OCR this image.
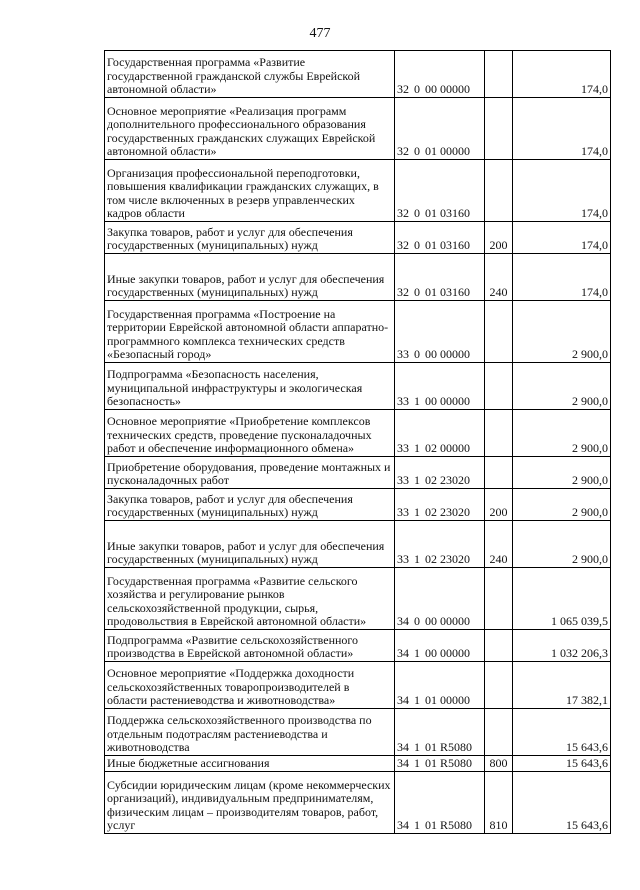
477
Государственная программа «Развитие государственной гражданской службы Еврейской автономной области»	32 0 00 00000		174,0
Основное мероприятие «Реализация программ дополнительного профессионального образования государственных гражданских служащих Еврейской автономной области»	32 0 01 00000		174,0
Организация профессиональной переподготовки, повышения квалификации гражданских служащих, в том числе включенных в резерв управленческих кадров области	32 0 01 03160		174,0
Закупка товаров, работ и услуг для обеспечения государственных (муниципальных) нужд	32 0 01 03160	200	174,0
Иные закупки товаров, работ и услуг для обеспечения государственных (муниципальных) нужд	32 0 01 03160	240	174,0
Государственная программа «Построение на территории Еврейской автономной области аппаратно-программного комплекса технических средств «Безопасный город»	33 0 00 00000		2 900,0
Подпрограмма «Безопасность населения, муниципальной инфраструктуры и экологическая безопасность»	33 1 00 00000		2 900,0
Основное мероприятие «Приобретение комплексов технических средств, проведение пусконаладочных работ и обеспечение информационного обмена»	33 1 02 00000		2 900,0
Приобретение оборудования, проведение монтажных и пусконаладочных работ	33 1 02 23020		2 900,0
Закупка товаров, работ и услуг для обеспечения государственных (муниципальных) нужд	33 1 02 23020	200	2 900,0
Иные закупки товаров, работ и услуг для обеспечения государственных (муниципальных) нужд	33 1 02 23020	240	2 900,0
Государственная программа «Развитие сельского хозяйства и регулирование рынков сельскохозяйственной продукции, сырья, продовольствия в Еврейской автономной области»	34 0 00 00000		1 065 039,5
Подпрограмма «Развитие сельскохозяйственного производства в Еврейской автономной области»	34 1 00 00000		1 032 206,3
Основное мероприятие «Поддержка доходности сельскохозяйственных товаропроизводителей в области растениеводства и животноводства»	34 1 01 00000		17 382,1
Поддержка сельскохозяйственного производства по отдельным подотраслям растениеводства и животноводства	34 1 01 R5080		15 643,6
Иные бюджетные ассигнования	34 1 01 R5080	800	15 643,6
Субсидии юридическим лицам (кроме некоммерческих организаций), индивидуальным предпринимателям, физическим лицам – производителям товаров, работ, услуг	34 1 01 R5080	810	15 643,6
